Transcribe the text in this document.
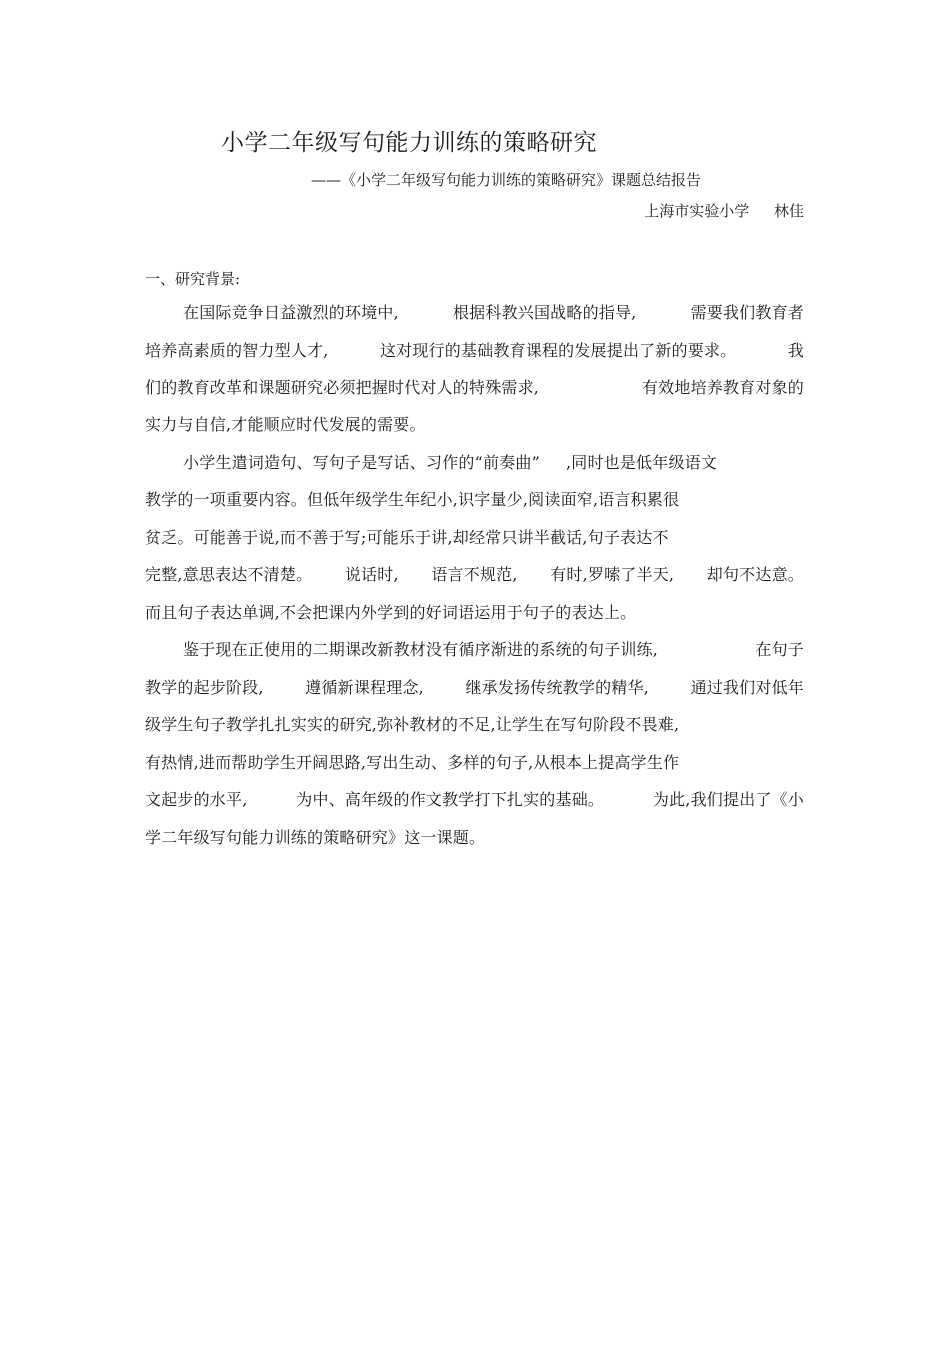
小学二年级写句能力训练的策略研究
——《小学二年级写句能力训练的策略研究》课题总结报告
上海市实验小学 林佳
一、研究背景:
在国际竞争日益激烈的环境中,	根据科教兴国战略的指导,	需要我们教育者
培养高素质的智力型人才,	这对现行的基础教育课程的发展提出了新的要求。	我
们的教育改革和课题研究必须把握时代对人的特殊需求,	有效地培养教育对象的
实力与自信,才能顺应时代发展的需要。
小学生遣词造句、写句子是写话、习作的“前奏曲” ,同时也是低年级语文
教学的一项重要内容。但低年级学生年纪小,识字量少,阅读面窄,语言积累很
贫乏。可能善于说,而不善于写;可能乐于讲,却经常只讲半截话,句子表达不
完整,意思表达不清楚。 说话时, 语言不规范, 有时,罗嗦了半天, 却句不达意。
而且句子表达单调,不会把课内外学到的好词语运用于句子的表达上。
鉴于现在正使用的二期课改新教材没有循序渐进的系统的句子训练,	在句子
教学的起步阶段,	遵循新课程理念,	继承发扬传统教学的精华,	通过我们对低年
级学生句子教学扎扎实实的研究,弥补教材的不足,让学生在写句阶段不畏难,
有热情,进而帮助学生开阔思路,写出生动、多样的句子,从根本上提高学生作
文起步的水平,	为中、高年级的作文教学打下扎实的基础。	为此,我们提出了《小
学二年级写句能力训练的策略研究》这一课题。
